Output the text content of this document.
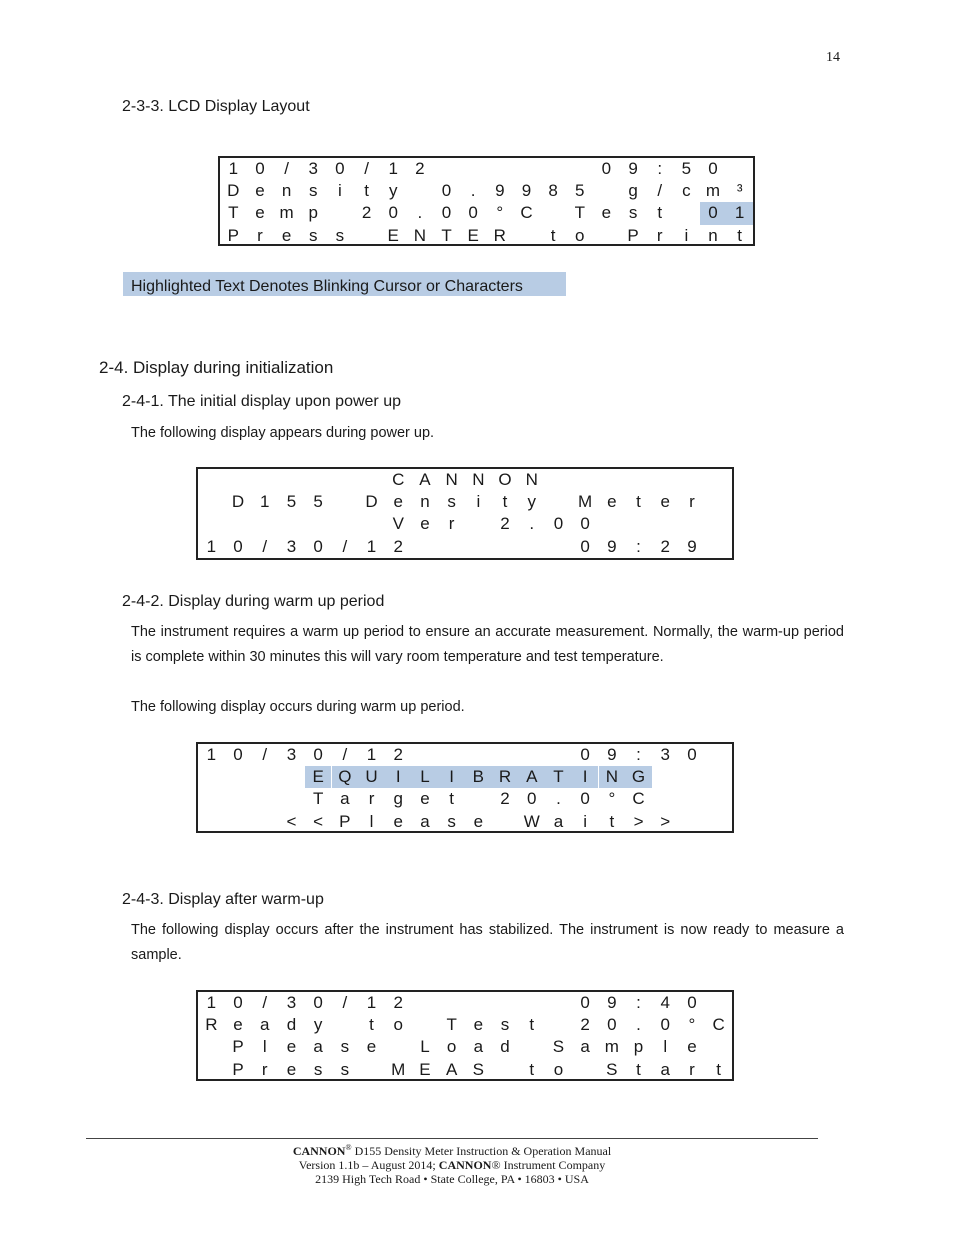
14
2-3-3. LCD Display Layout
1	0	/	3	0	/	1	2	0	9	:	5	0
D e	n	s	i	t	y	0	.	9	9	8	5	g	/	c m ³
T e m p	2	0	.	0	0	°	C	T e	s	t	0	1
P	r	e	s	s	E N T E R	t	o	P	r	i	n	t
Highlighted Text Denotes Blinking Cursor or Characters
2-4. Display during initialization
2-4-1. The initial display upon power up
The following display appears during power up.
C A N N O N
D 1	5	5	D e	n	s	i	t	y	M e	t	e	r
V e	r	2	.	0	0
1	0	/	3	0	/	1	2	0	9	:	2	9
2-4-2. Display during warm up period
The instrument requires a warm up period to ensure an accurate measurement. Normally, the warm-up period is complete within 30 minutes this will vary room temperature and test temperature.
The following display occurs during warm up period.
1	0	/	3	0	/	1	2	0	9	:	3	0
E Q U	I	L	I	B R A T	I	N G
T a	r	g	e	t	2	0	.	0	°	C
< < P	l	e	a	s	e	W a	i	t	> >
2-4-3. Display after warm-up
The following display occurs after the instrument has stabilized. The instrument is now ready to measure a sample.
1	0	/	3	0	/	1	2	0	9	:	4	0
R e	a	d	y	t	o	T e	s	t	2	0	.	0	°	C
P	l	e	a	s	e	L	o	a	d	S a m p	l	e
P	r	e	s	s	M E A S	t	o	S	t	a	r	t
CANNON® D155 Density Meter Instruction & Operation Manual
Version 1.1b – August 2014; CANNON® Instrument Company
2139 High Tech Road • State College, PA • 16803 • USA
